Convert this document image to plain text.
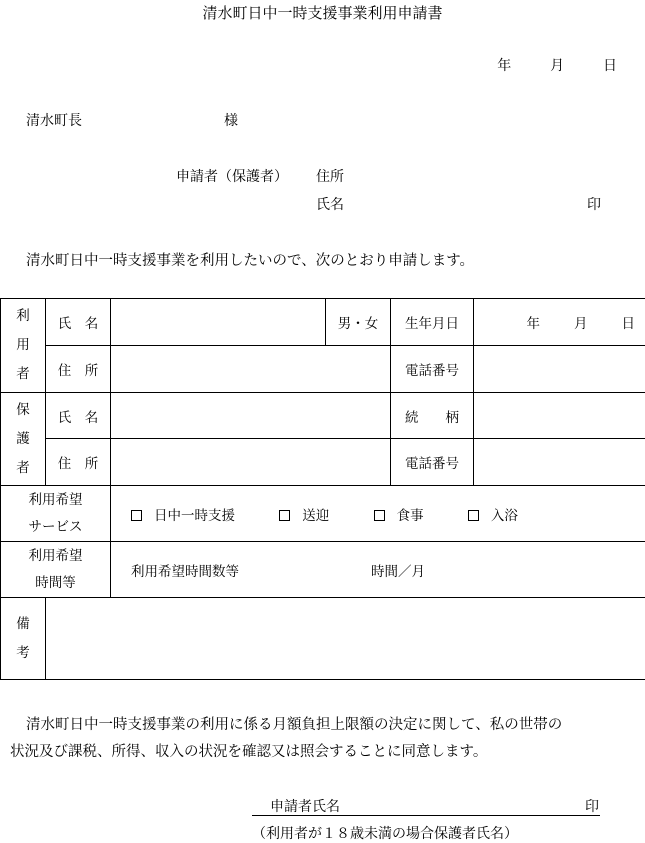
清水町日中一時支援事業利用申請書
年	月	日
清水町長	様
申請者（保護者） 住所
氏名	印
清水町日中一時支援事業を利用したいので、次のとおり申請します。
利
用
者	氏　名		男・女	生年月日	年 月 日
	住　所			電話番号	

保
護
者	氏　名			続　　柄	
	住　所			電話番号	

利用希望
サービス		日中一時支援 送迎 食事 入浴			

利用希望
時間等		利用希望時間数等 時間／月			

備
考					

清水町日中一時支援事業の利用に係る月額負担上限額の決定に関して、私の世帯の

状況及び課税、所得、収入の状況を確認又は照会することに同意します。

申請者氏名	印
（利用者が１８歳未満の場合保護者氏名）
